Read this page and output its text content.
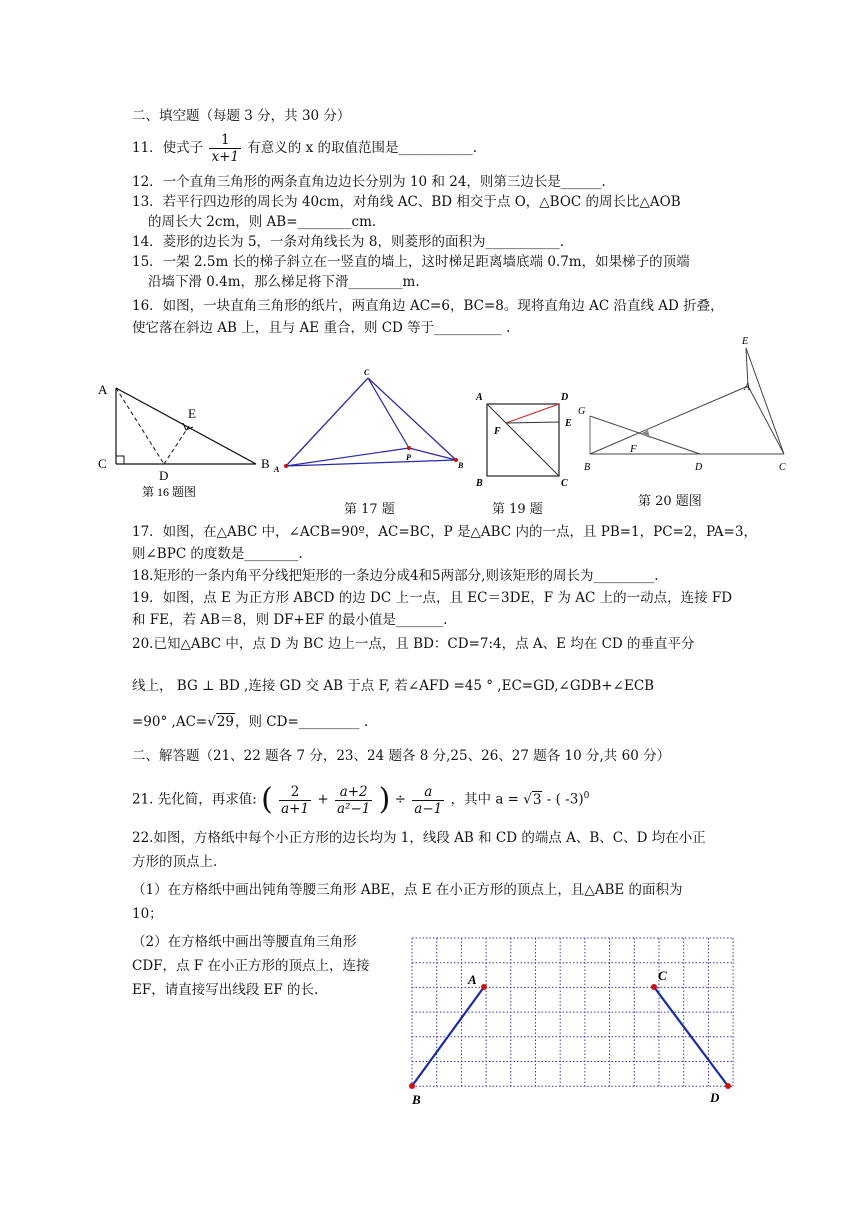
二、填空题（每题 3 分，共 30 分）
11．使式子 $\frac{1}{x+1}$ 有意义的 x 的取值范围是___________.
12．一个直角三角形的两条直角边边长分别为 10 和 24，则第三边长是______.
13．若平行四边形的周长为 40cm，对角线 AC、BD 相交于点 O，△BOC 的周长比△AOB
的周长大 2cm，则 AB=________cm.
14．菱形的边长为 5，一条对角线长为 8，则菱形的面积为___________.
15．一架 2.5m 长的梯子斜立在一竖直的墙上，这时梯足距离墙底端 0.7m，如果梯子的顶端
沿墙下滑 0.4m，那么梯足将下滑________m.
16．如图，一块直角三角形的纸片，两直角边 AC=6，BC=8。现将直角边 AC 沿直线 AD 折叠，
使它落在斜边 AB 上，且与 AE 重合，则 CD 等于__________ .
A
C
E
D
B
第 16 题图
C
A	B
P
第 17 题
A	D
E
F
B	C
第 19 题
E
A
G
F
B	D	C
第 20 题图
17．如图，在△ABC 中，∠ACB=90º，AC=BC，P 是△ABC 内的一点，且 PB=1，PC=2，PA=3，
则∠BPC 的度数是________.
18.矩形的一条内角平分线把矩形的一条边分成4和5两部分,则该矩形的周长为_________.
19．如图，点 E 为正方形 ABCD 的边 DC 上一点，且 EC＝3DE，F 为 AC 上的一动点，连接 FD
和 FE，若 AB＝8，则 DF+EF 的最小值是_______.
20.已知△ABC 中，点 D 为 BC 边上一点，且 BD：CD=7:4，点 A、E 均在 CD 的垂直平分
线上， BG ⊥ BD ,连接 GD 交 AB 于点 F, 若∠AFD =45 ° ,EC=GD,∠GDB+∠ECB
=90° ,AC=√29，则 CD=_________ .
二、解答题（21、22 题各 7 分，23、24 题各 8 分,25、26、27 题各 10 分,共 60 分）
21. 先化简，再求值: ( $\frac{2}{a+1} + \frac{a+2}{\text{a²−1}}$ ) ÷ $\frac{a}{a-1}$ ，其中 a = √3 - ( -3)$^0$
22.如图，方格纸中每个小正方形的边长均为 1，线段 AB 和 CD 的端点 A、B、C、D 均在小正
方形的顶点上.
（1）在方格纸中画出钝角等腰三角形 ABE，点 E 在小正方形的顶点上，且△ABE 的面积为
10；
（2）在方格纸中画出等腰直角三角形
CDF，点 F 在小正方形的顶点上，连接
EF，请直接写出线段 EF 的长.
A
B
C
D
